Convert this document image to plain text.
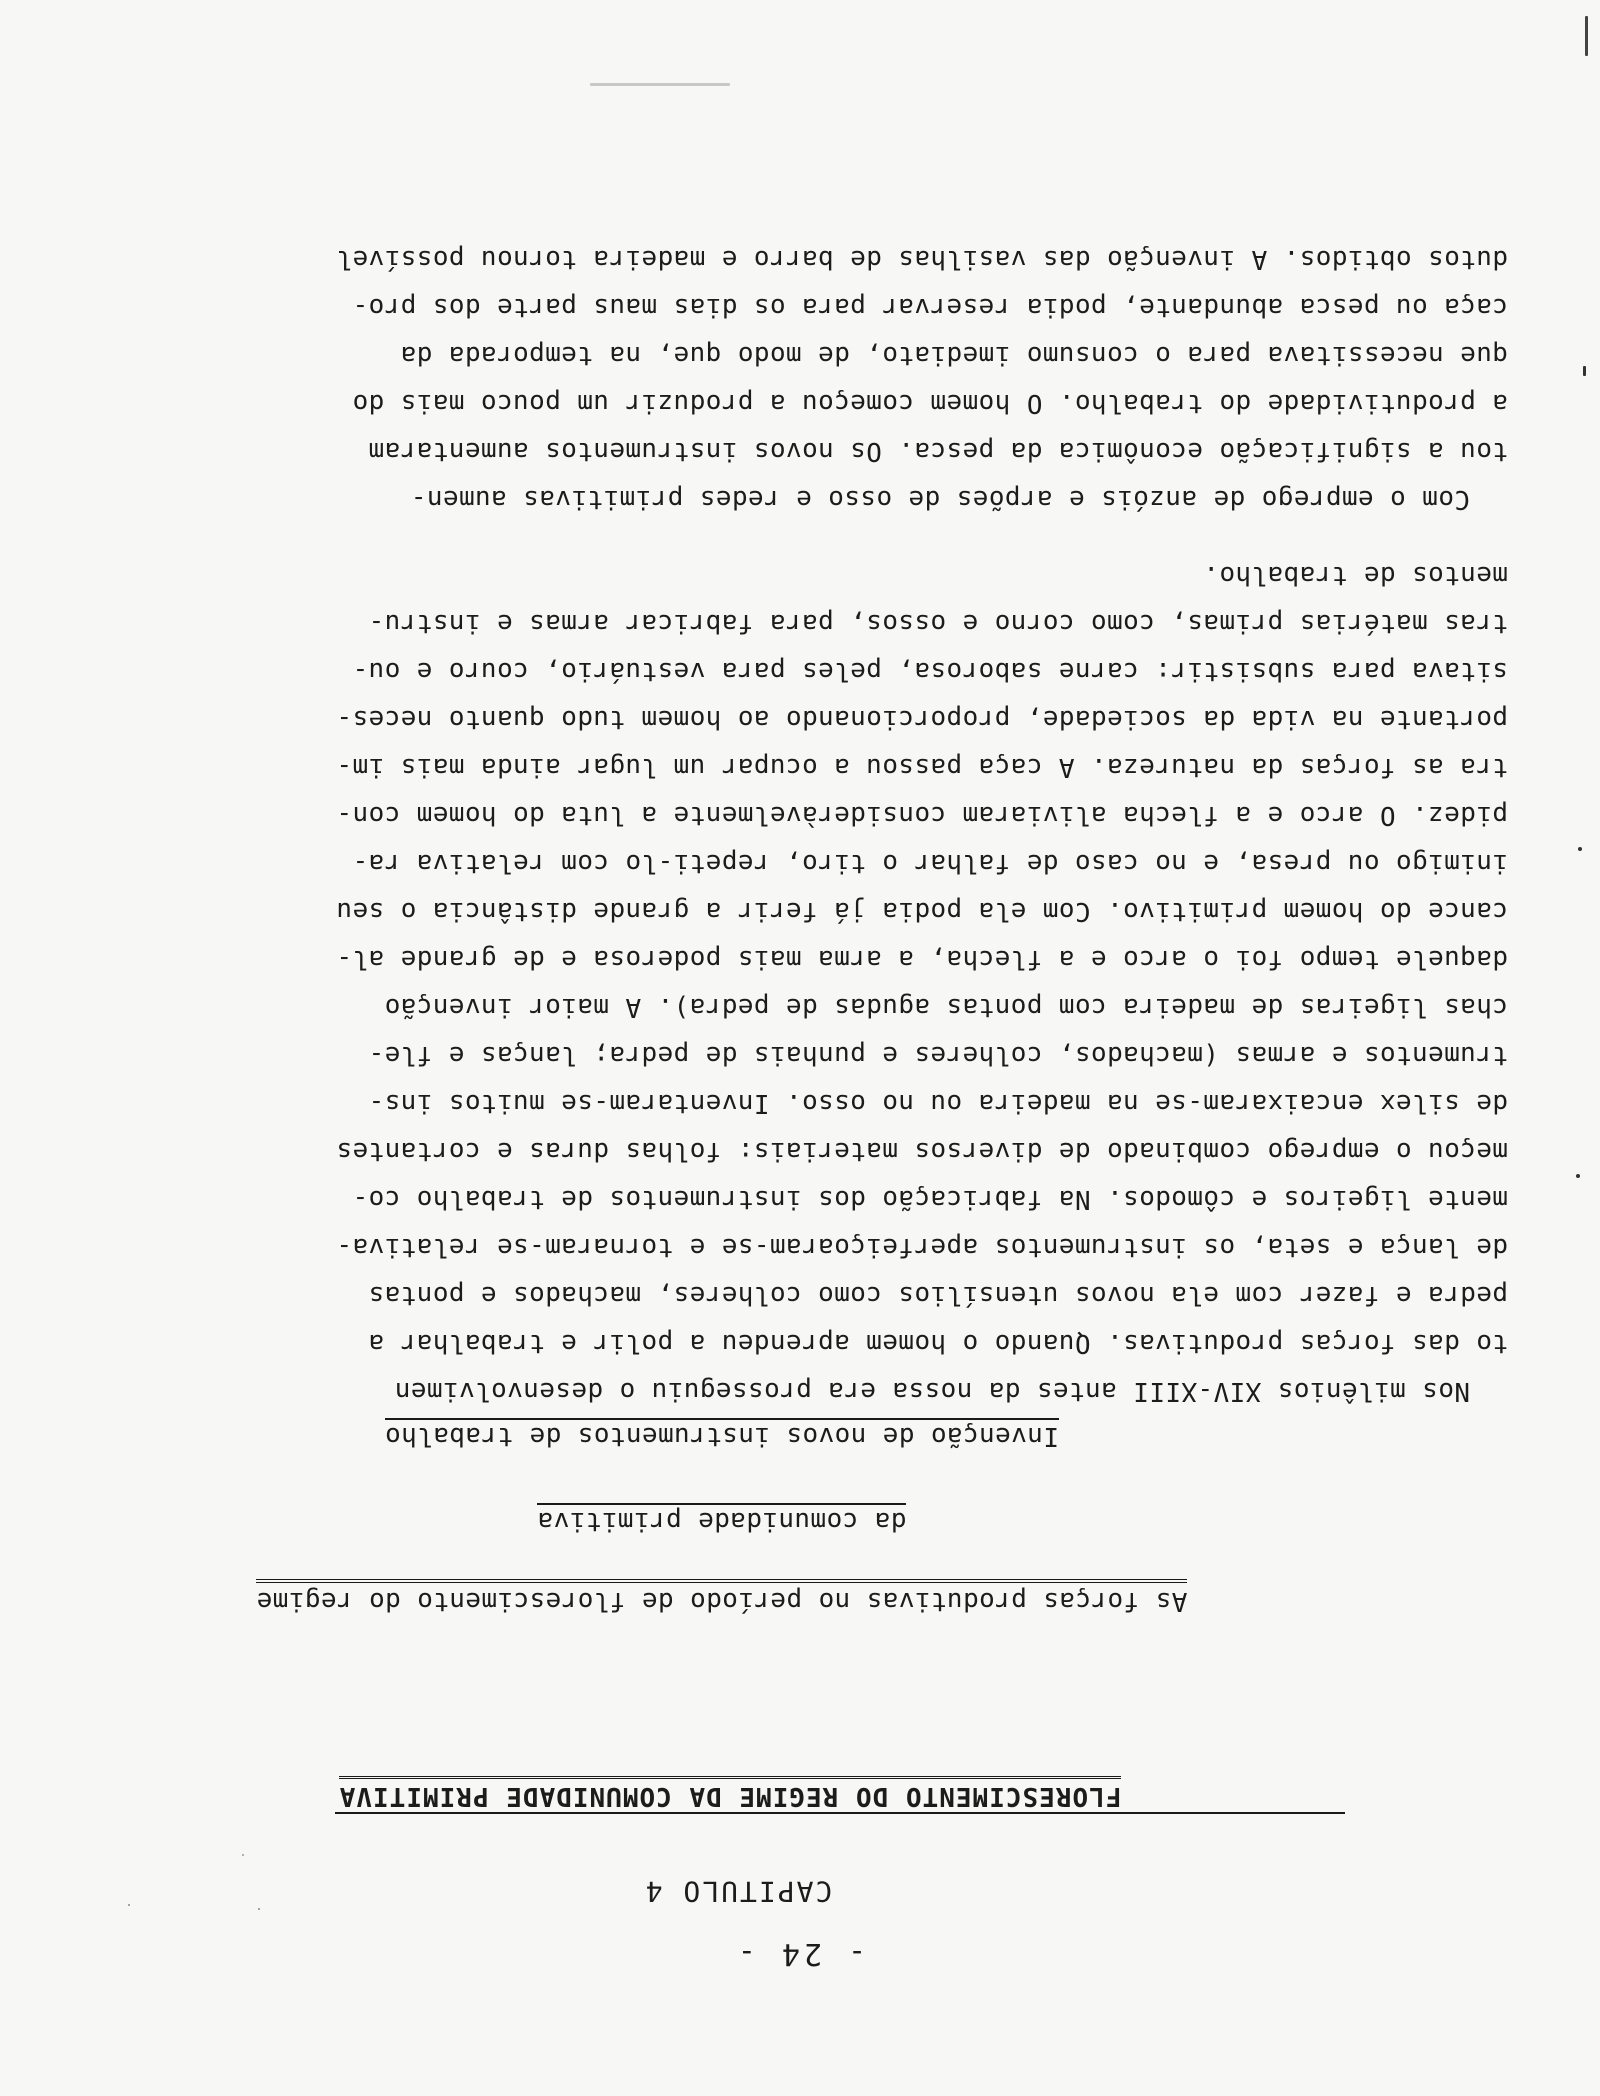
- 24 -
CAPITULO 4

FLORESCIMENTO DO REGIME DA COMUNIDADE PRIMITIVA

As forças produtivas no período de florescimento do regime

da comunidade primitiva

Invenção de novos instrumentos de trabalho

Nos milênios XIV-XIII antes da nossa era prosseguiu o desenvolvimen
to das forças produtivas. Quando o homem aprendeu a polir e trabalhar a
pedra e fazer com ela novos utensílios como colheres, machados e pontas
de lança e seta, os instrumentos aperfeiçoaram-se e tornaram-se relativa-
mente ligeiros e cômodos. Na fabricação dos instrumentos de trabalho co-
meçou o emprego combinado de diversos materiais: folhas duras e cortantes
de silex encaixaram-se na madeira ou no osso. Inventaram-se muitos ins-
trumentos e armas (machados, colheres e punhais de pedra; lanças e fle-
chas ligeiras de madeira com pontas agudas de pedra). A maior invenção
daquele tempo foi o arco e a flecha, a arma mais poderosa e de grande al-
cance do homem primitivo. Com ela podia já ferir a grande distância o seu
inimigo ou presa, e no caso de falhar o tiro, repeti-lo com relativa ra-
pidez. O arco e a flecha aliviaram consideràvelmente a luta do homem con-
tra as forças da natureza. A caça passou a ocupar um lugar ainda mais im-
portante na vida da sociedade, proporcionando ao homem tudo quanto neces-
sitava para subsistir: carne saborosa, peles para vestuário, couro e ou-
tras matérias primas, como corno e ossos, para fabricar armas e instru-
mentos de trabalho.
Com o emprego de anzóis e arpões de osso e redes primitivas aumen-
tou a significação econômica da pesca. Os novos instrumentos aumentaram
a produtividade do trabalho. O homem começou a produzir um pouco mais do
que necessitava para o consumo imediato, de modo que, na temporada da
caça ou pesca abundante, podia reservar para os dias maus parte dos pro-
dutos obtidos. A invenção das vasilhas de barro e madeira tornou possível
